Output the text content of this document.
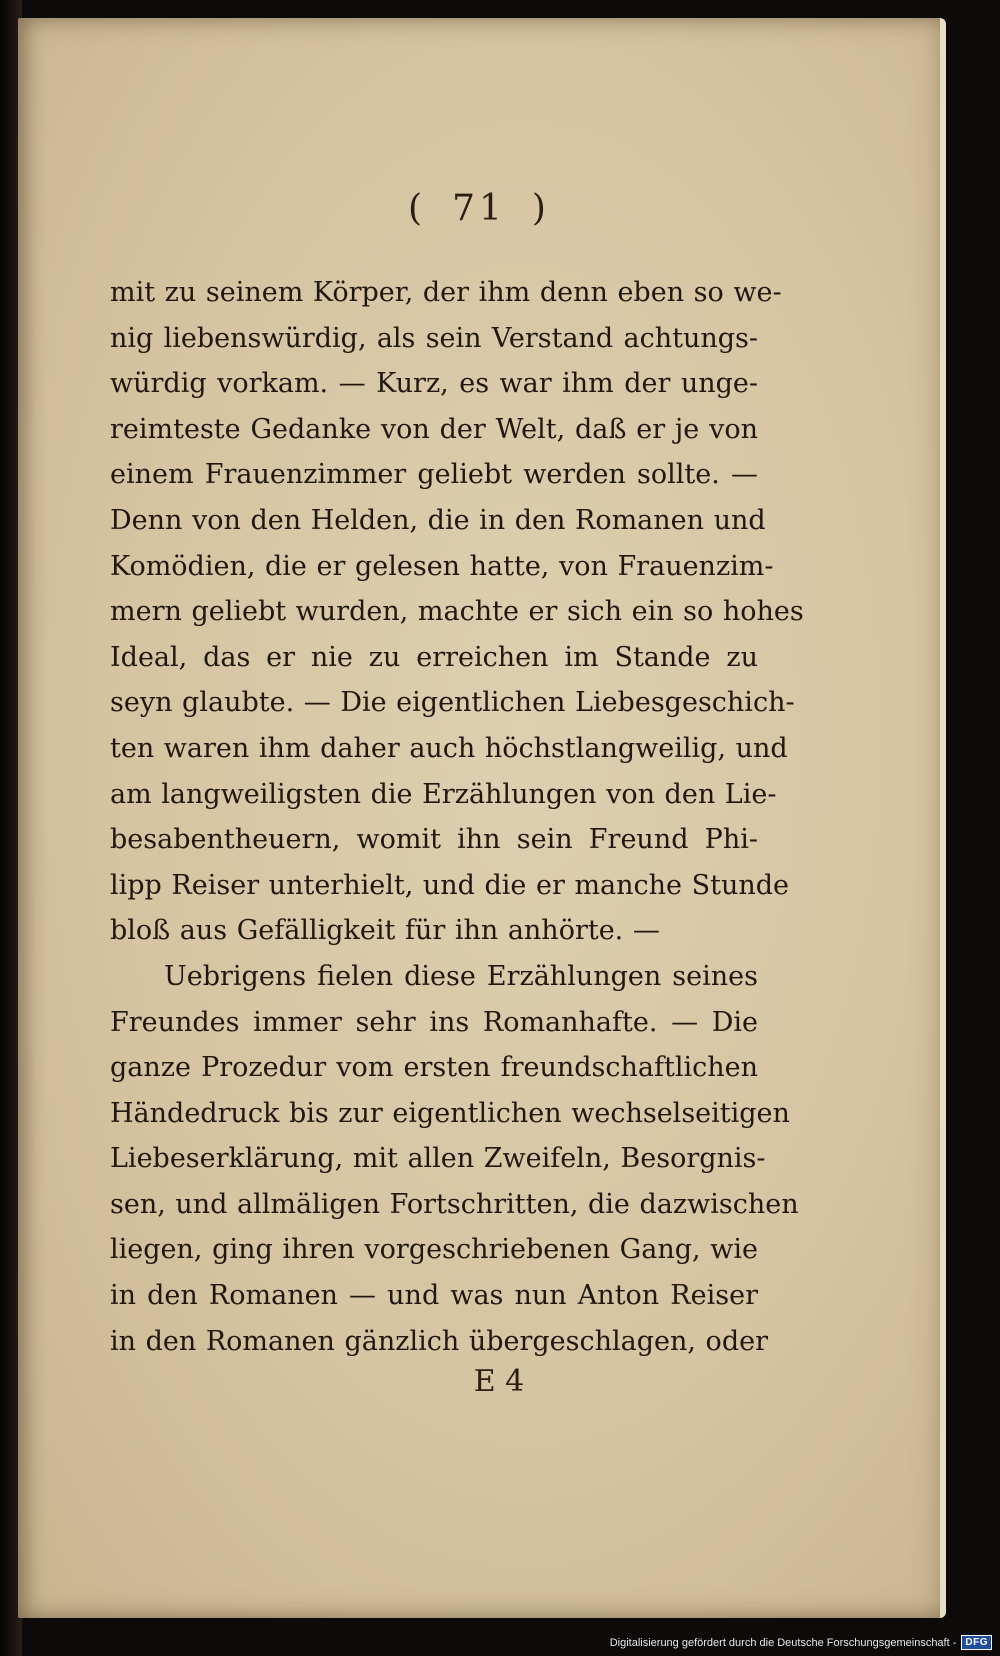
( 71 )
mit zu seinem Körper, der ihm denn eben so we-
nig liebenswürdig, als sein Verstand achtungs-
würdig vorkam. — Kurz, es war ihm der unge-
reimteste Gedanke von der Welt, daß er je von
einem Frauenzimmer geliebt werden sollte. —
Denn von den Helden, die in den Romanen und
Komödien, die er gelesen hatte, von Frauenzim-
mern geliebt wurden, machte er sich ein so hohes
Ideal, das er nie zu erreichen im Stande zu
seyn glaubte. — Die eigentlichen Liebesgeschich-
ten waren ihm daher auch höchstlangweilig, und
am langweiligsten die Erzählungen von den Lie-
besabentheuern, womit ihn sein Freund Phi-
lipp Reiser unterhielt, und die er manche Stunde
bloß aus Gefälligkeit für ihn anhörte. —
Uebrigens fielen diese Erzählungen seines
Freundes immer sehr ins Romanhafte. — Die
ganze Prozedur vom ersten freundschaftlichen
Händedruck bis zur eigentlichen wechselseitigen
Liebeserklärung, mit allen Zweifeln, Besorgnis-
sen, und allmäligen Fortschritten, die dazwischen
liegen, ging ihren vorgeschriebenen Gang, wie
in den Romanen — und was nun Anton Reiser
in den Romanen gänzlich übergeschlagen, oder
E 4
Digitalisierung gefördert durch die Deutsche Forschungsgemeinschaft - DFG
